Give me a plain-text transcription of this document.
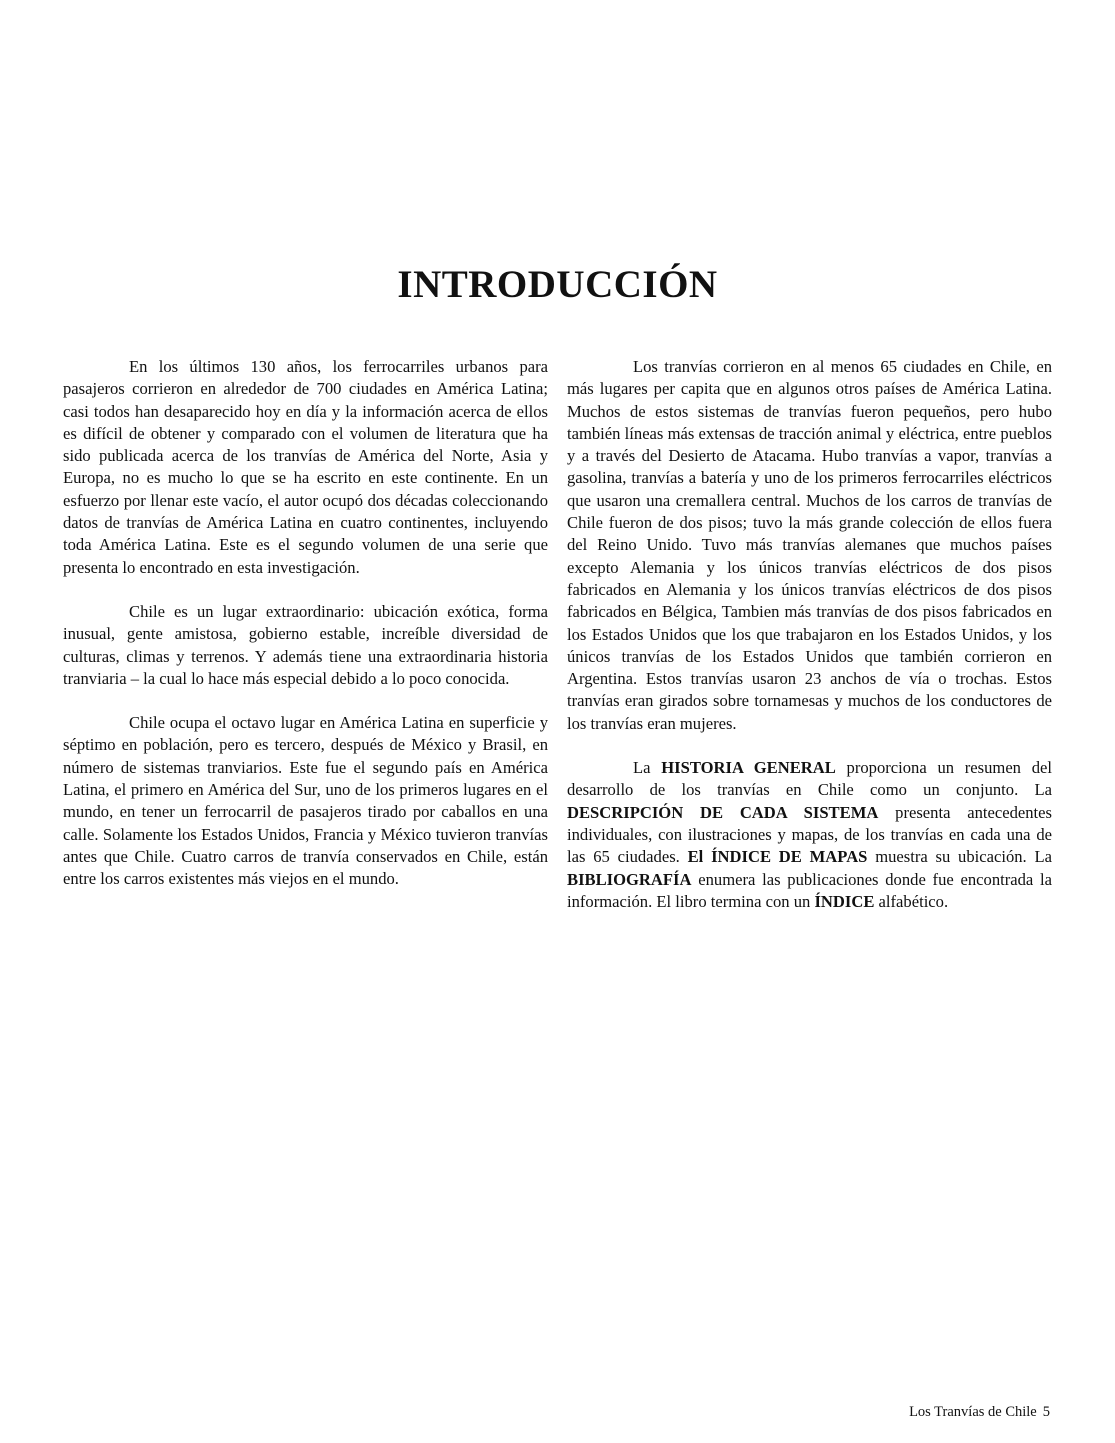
INTRODUCCIÓN

En los últimos 130 años, los ferrocarriles urbanos para pasajeros corrieron en alrededor de 700 ciudades en América Latina; casi todos han desaparecido hoy en día y la información acerca de ellos es difícil de obtener y comparado con el volumen de literatura que ha sido publicada acerca de los tranvías de América del Norte, Asia y Europa, no es mucho lo que se ha escrito en este continente. En un esfuerzo por llenar este vacío, el autor ocupó dos décadas coleccionando datos de tranvías de América Latina en cuatro continentes, incluyendo toda América Latina. Este es el segundo volumen de una serie que presenta lo encontrado en esta investigación.

Chile es un lugar extraordinario: ubicación exótica, forma inusual, gente amistosa, gobierno estable, increíble diversidad de culturas, climas y terrenos. Y además tiene una extraordinaria historia tranviaria – la cual lo hace más especial debido a lo poco conocida.

Chile ocupa el octavo lugar en América Latina en superficie y séptimo en población, pero es tercero, después de México y Brasil, en número de sistemas tranviarios. Este fue el segundo país en América Latina, el primero en América del Sur, uno de los primeros lugares en el mundo, en tener un ferrocarril de pasajeros tirado por caballos en una calle. Solamente los Estados Unidos, Francia y México tuvieron tranvías antes que Chile. Cuatro carros de tranvía conservados en Chile, están entre los carros existentes más viejos en el mundo.

Los tranvías corrieron en al menos 65 ciudades en Chile, en más lugares per capita que en algunos otros países de América Latina. Muchos de estos sistemas de tranvías fueron pequeños, pero hubo también líneas más extensas de tracción animal y eléctrica, entre pueblos y a través del Desierto de Atacama. Hubo tranvías a vapor, tranvías a gasolina, tranvías a batería y uno de los primeros ferrocarriles eléctricos que usaron una cremallera central. Muchos de los carros de tranvías de Chile fueron de dos pisos; tuvo la más grande colección de ellos fuera del Reino Unido. Tuvo más tranvías alemanes que muchos países excepto Alemania y los únicos tranvías eléctricos de dos pisos fabricados en Alemania y los únicos tranvías eléctricos de dos pisos fabricados en Bélgica, Tambien más tranvías de dos pisos fabricados en los Estados Unidos que los que trabajaron en los Estados Unidos, y los únicos tranvías de los Estados Unidos que también corrieron en Argentina. Estos tranvías usaron 23 anchos de vía o trochas. Estos tranvías eran girados sobre tornamesas y muchos de los conductores de los tranvías eran mujeres.

La HISTORIA GENERAL proporciona un resumen del desarrollo de los tranvías en Chile como un conjunto. La DESCRIPCIÓN DE CADA SISTEMA presenta antecedentes individuales, con ilustraciones y mapas, de los tranvías en cada una de las 65 ciudades. El ÍNDICE DE MAPAS muestra su ubicación. La BIBLIOGRAFÍA enumera las publicaciones donde fue encontrada la información. El libro termina con un ÍNDICE alfabético.

Los Tranvías de Chile 5
